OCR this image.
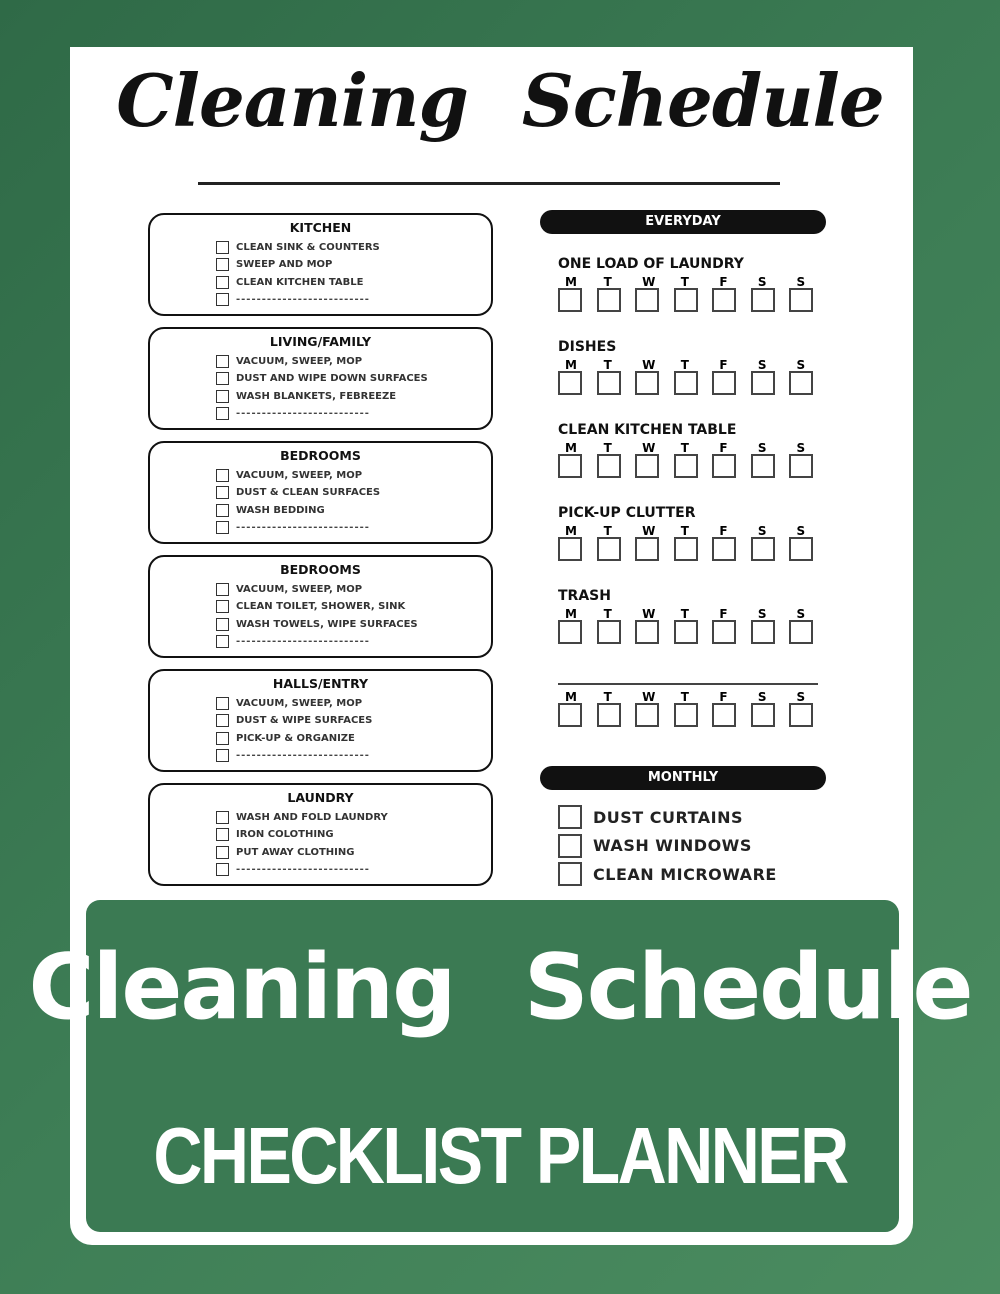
Cleaning Schedule
KITCHEN
CLEAN SINK & COUNTERS
SWEEP AND MOP
CLEAN KITCHEN TABLE
--------------------------
LIVING/FAMILY
VACUUM, SWEEP, MOP
DUST AND WIPE DOWN SURFACES
WASH BLANKETS, FEBREEZE
--------------------------
BEDROOMS
VACUUM, SWEEP, MOP
DUST & CLEAN SURFACES
WASH BEDDING
--------------------------
BEDROOMS
VACUUM, SWEEP, MOP
CLEAN TOILET, SHOWER, SINK
WASH TOWELS, WIPE SURFACES
--------------------------
HALLS/ENTRY
VACUUM, SWEEP, MOP
DUST & WIPE SURFACES
PICK-UP & ORGANIZE
--------------------------
LAUNDRY
WASH AND FOLD LAUNDRY
IRON COLOTHING
PUT AWAY CLOTHING
--------------------------
EVERYDAY
ONE LOAD OF LAUNDRY
M	T	W	T	F	S	S
DISHES
M	T	W	T	F	S	S
CLEAN KITCHEN TABLE
M	T	W	T	F	S	S
PICK-UP CLUTTER
M	T	W	T	F	S	S
TRASH
M	T	W	T	F	S	S
M	T	W	T	F	S	S
MONTHLY
DUST CURTAINS
WASH WINDOWS
CLEAN MICROWARE
Cleaning Schedule
CHECKLIST PLANNER
